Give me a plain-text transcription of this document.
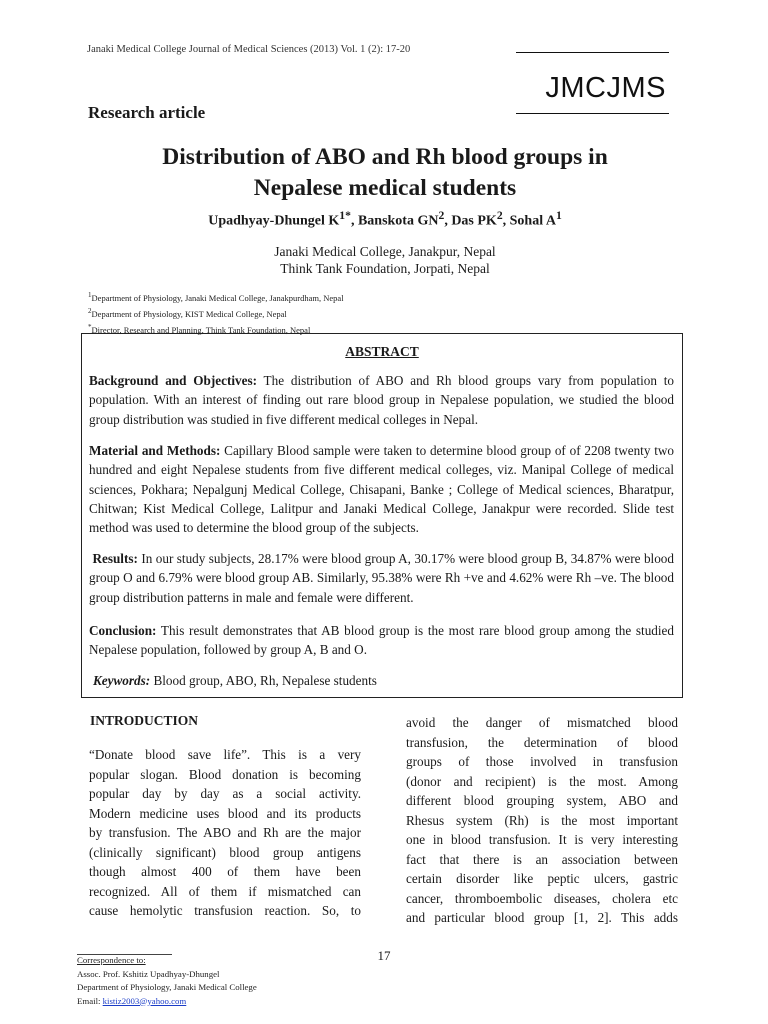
Janaki Medical College Journal of Medical Sciences (2013) Vol. 1 (2): 17-20
JMCJMS
Research article
Distribution of ABO and Rh blood groups in
Nepalese medical students
Upadhyay-Dhungel $K^{1*}$, Banskota $GN^2$, Das $PK^2$, Sohal $A^1$
Janaki Medical College, Janakpur, Nepal
Think Tank Foundation, Jorpati, Nepal
$^1$Department of Physiology, Janaki Medical College, Janakpurdham, Nepal
$^2$Department of Physiology, KIST Medical College, Nepal
*Director, Research and Planning, Think Tank Foundation, Nepal
ABSTRACT
Background and Objectives: The distribution of ABO and Rh blood groups vary from population to population. With an interest of finding out rare blood group in Nepalese population, we studied the blood group distribution was studied in five different medical colleges in Nepal.
Material and Methods: Capillary Blood sample were taken to determine blood group of of 2208 twenty two hundred and eight Nepalese students from five different medical colleges, viz. Manipal College of medical sciences, Pokhara; Nepalgunj Medical College, Chisapani, Banke ; College of Medical sciences, Bharatpur, Chitwan; Kist Medical College, Lalitpur and Janaki Medical College, Janakpur were recorded. Slide test method was used to determine the blood group of the subjects.
Results: In our study subjects, 28.17% were blood group A, 30.17% were blood group B, 34.87% were blood group O and 6.79% were blood group AB. Similarly, 95.38% were Rh +ve and 4.62% were Rh –ve. The blood group distribution patterns in male and female were different.
Conclusion: This result demonstrates that AB blood group is the most rare blood group among the studied Nepalese population, followed by group A, B and O.
Keywords: Blood group, ABO, Rh, Nepalese students
INTRODUCTION
“Donate blood save life”. This is a very
popular slogan. Blood donation is becoming
popular day by day as a social activity.
Modern medicine uses blood and its products
by transfusion. The ABO and Rh are the major
(clinically significant) blood group antigens
though almost 400 of them have been
recognized. All of them if mismatched can
cause hemolytic transfusion reaction. So, to
avoid the danger of mismatched blood
transfusion, the determination of blood
groups of those involved in transfusion
(donor and recipient) is the most. Among
different blood grouping system, ABO and
Rhesus system (Rh) is the most important
one in blood transfusion. It is very interesting
fact that there is an association between
certain disorder like peptic ulcers, gastric
cancer, thromboembolic diseases, cholera etc
and particular blood group [1, 2]. This adds
17
Correspondence to:
Assoc. Prof. Kshitiz Upadhyay-Dhungel
Department of Physiology, Janaki Medical College
Email: kistiz2003@yahoo.com
